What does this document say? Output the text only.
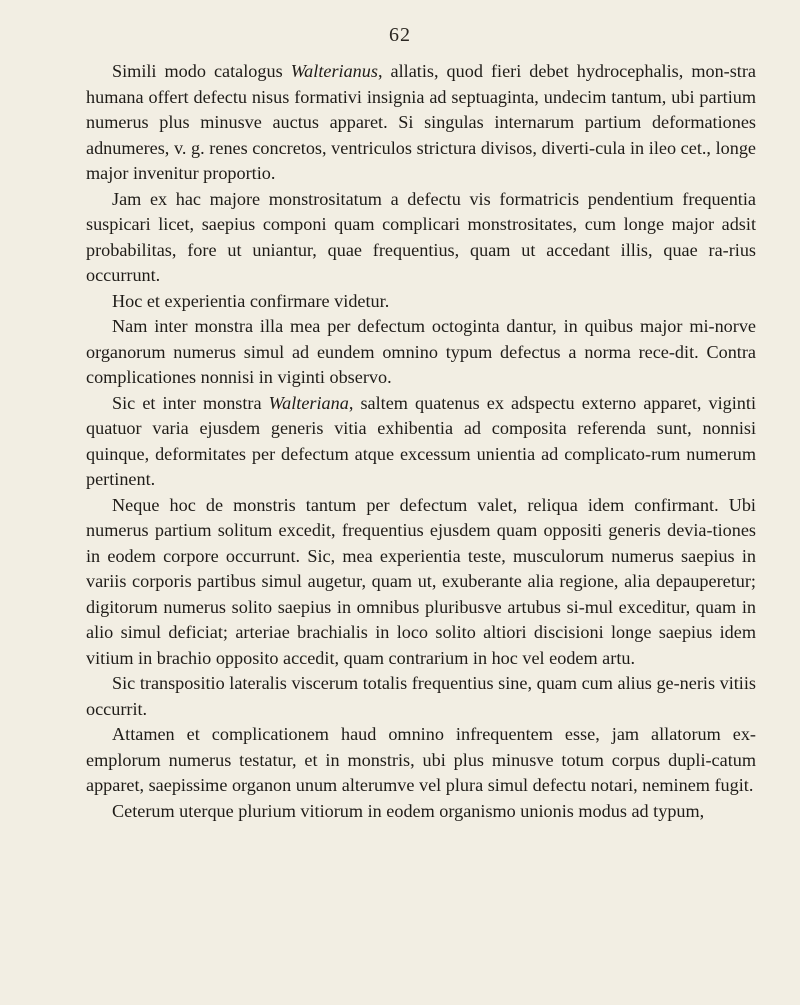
62

Simili modo catalogus Walterianus, allatis, quod fieri debet hydrocephalis, mon-stra humana offert defectu nisus formativi insignia ad septuaginta, undecim tantum, ubi partium numerus plus minusve auctus apparet. Si singulas internarum partium deformationes adnumeres, v. g. renes concretos, ventriculos strictura divisos, diverti-cula in ileo cet., longe major invenitur proportio.

Jam ex hac majore monstrositatum a defectu vis formatricis pendentium frequentia suspicari licet, saepius componi quam complicari monstrositates, cum longe major adsit probabilitas, fore ut uniantur, quae frequentius, quam ut accedant illis, quae ra-rius occurrunt.

Hoc et experientia confirmare videtur.

Nam inter monstra illa mea per defectum octoginta dantur, in quibus major mi-norve organorum numerus simul ad eundem omnino typum defectus a norma rece-dit. Contra complicationes nonnisi in viginti observo.

Sic et inter monstra Walteriana, saltem quatenus ex adspectu externo apparet, viginti quatuor varia ejusdem generis vitia exhibentia ad composita referenda sunt, nonnisi quinque, deformitates per defectum atque excessum unientia ad complicato-rum numerum pertinent.

Neque hoc de monstris tantum per defectum valet, reliqua idem confirmant. Ubi numerus partium solitum excedit, frequentius ejusdem quam oppositi generis devia-tiones in eodem corpore occurrunt. Sic, mea experientia teste, musculorum numerus saepius in variis corporis partibus simul augetur, quam ut, exuberante alia regione, alia depauperetur; digitorum numerus solito saepius in omnibus pluribusve artubus si-mul exceditur, quam in alio simul deficiat; arteriae brachialis in loco solito altiori discisioni longe saepius idem vitium in brachio opposito accedit, quam contrarium in hoc vel eodem artu.

Sic transpositio lateralis viscerum totalis frequentius sine, quam cum alius ge-neris vitiis occurrit.

Attamen et complicationem haud omnino infrequentem esse, jam allatorum ex-emplorum numerus testatur, et in monstris, ubi plus minusve totum corpus dupli-catum apparet, saepissime organon unum alterumve vel plura simul defectu notari, neminem fugit.

Ceterum uterque plurium vitiorum in eodem organismo unionis modus ad typum,
